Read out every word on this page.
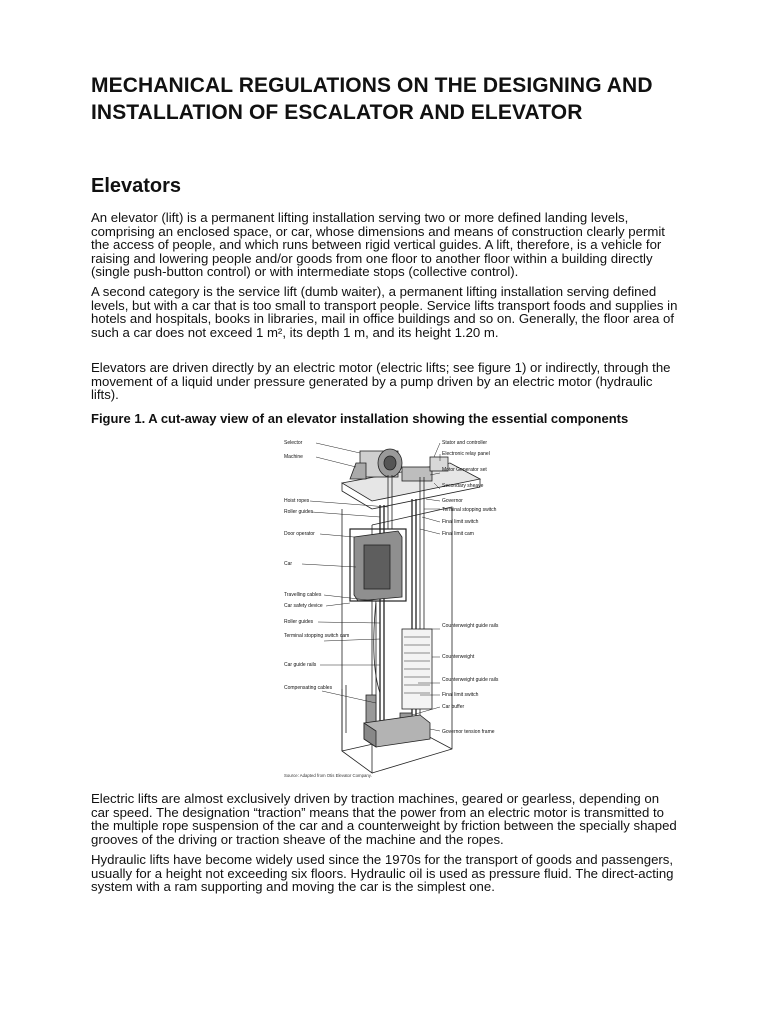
MECHANICAL REGULATIONS ON THE DESIGNING AND INSTALLATION OF ESCALATOR AND ELEVATOR
Elevators

An elevator (lift) is a permanent lifting installation serving two or more defined landing levels, comprising an enclosed space, or car, whose dimensions and means of construction clearly permit the access of people, and which runs between rigid vertical guides. A lift, therefore, is a vehicle for raising and lowering people and/or goods from one floor to another floor within a building directly (single push-button control) or with intermediate stops (collective control).

A second category is the service lift (dumb waiter), a permanent lifting installation serving defined levels, but with a car that is too small to transport people. Service lifts transport foods and supplies in hotels and hospitals, books in libraries, mail in office buildings and so on. Generally, the floor area of such a car does not exceed 1 m², its depth 1 m, and its height 1.20 m.

Elevators are driven directly by an electric motor (electric lifts; see figure 1) or indirectly, through the movement of a liquid under pressure generated by a pump driven by an electric motor (hydraulic lifts).

Figure 1. A cut-away view of an elevator installation showing the essential components

Selector
Machine
Hoist ropes
Roller guides
Door operator
Car
Travelling cables
Car safety device
Roller guides
Terminal stopping switch cam
Car guide rails
Compensating cables
Stator and controller
Electronic relay panel
Motor Generator set
Secondary sheave
Governor
Terminal stopping switch
Final limit switch
Final limit cam
Counterweight guide rails
Counterweight
Counterweight guide rails
Final limit switch
Car buffer
Governor tension frame
Source: Adapted from Otis Elevator Company.

Electric lifts are almost exclusively driven by traction machines, geared or gearless, depending on car speed. The designation “traction” means that the power from an electric motor is transmitted to the multiple rope suspension of the car and a counterweight by friction between the specially shaped grooves of the driving or traction sheave of the machine and the ropes.

Hydraulic lifts have become widely used since the 1970s for the transport of goods and passengers, usually for a height not exceeding six floors. Hydraulic oil is used as pressure fluid. The direct-acting system with a ram supporting and moving the car is the simplest one.
